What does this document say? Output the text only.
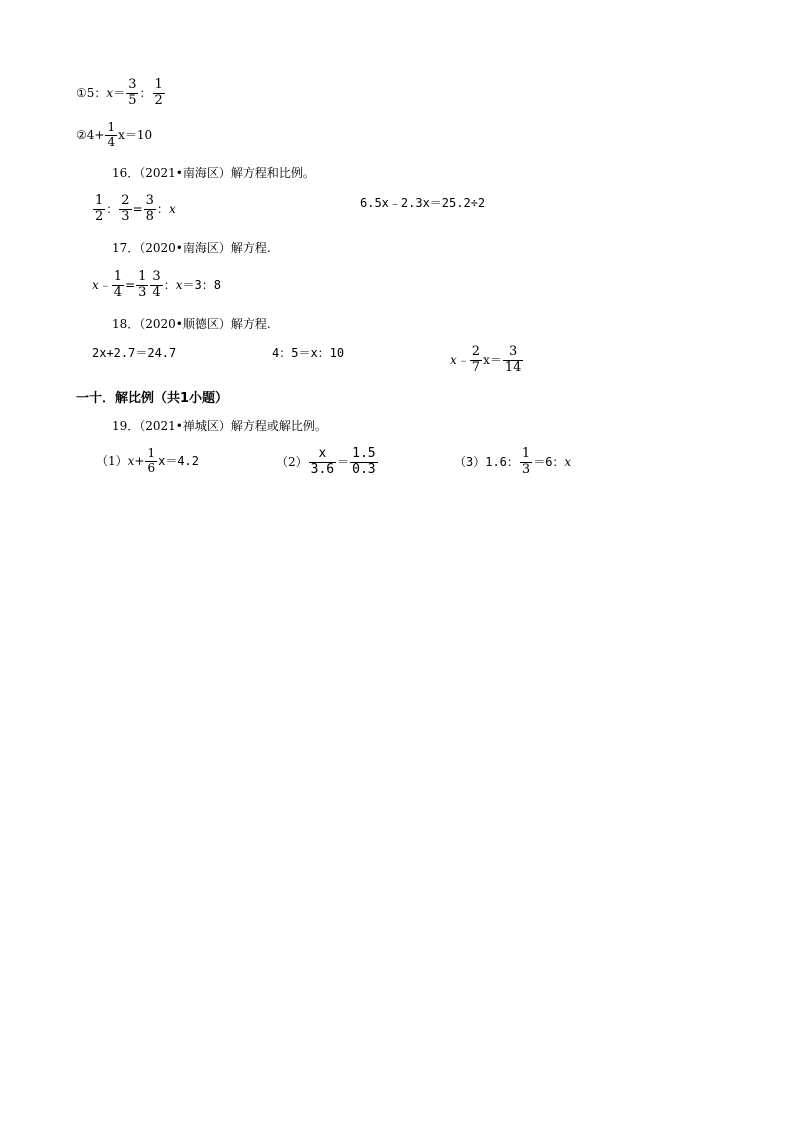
①5： $x = \frac{3}{5}$ ： $\frac{1}{2}$
②4+ $\frac{1}{4} x=10$
16．（2021•南海区）解方程和比例。
$\frac{1}{2}$ ： $\frac{2}{3} = \frac{3}{8}$ ： x	6.5x﹣2.3x＝25.2÷2
17．（2020•南海区）解方程.
x﹣ $\frac{1}{4} = \frac{1}{3} \frac{3}{4}$ ： x ＝3：8
18．（2020•顺德区）解方程.
2x+2.7＝24.7	4：5＝x：10
x﹣ $\frac{2}{7} x= \frac{3}{14}$
一十．解比例（共1小题）
19．（2021•禅城区）解方程或解比例。
（1） $x+ \frac{1}{6} x=4.2$	$(2) \frac{x}{3.6} = \frac{1.5}{0.3}$	（3）1.6： $\frac{1}{3} =6$： x
